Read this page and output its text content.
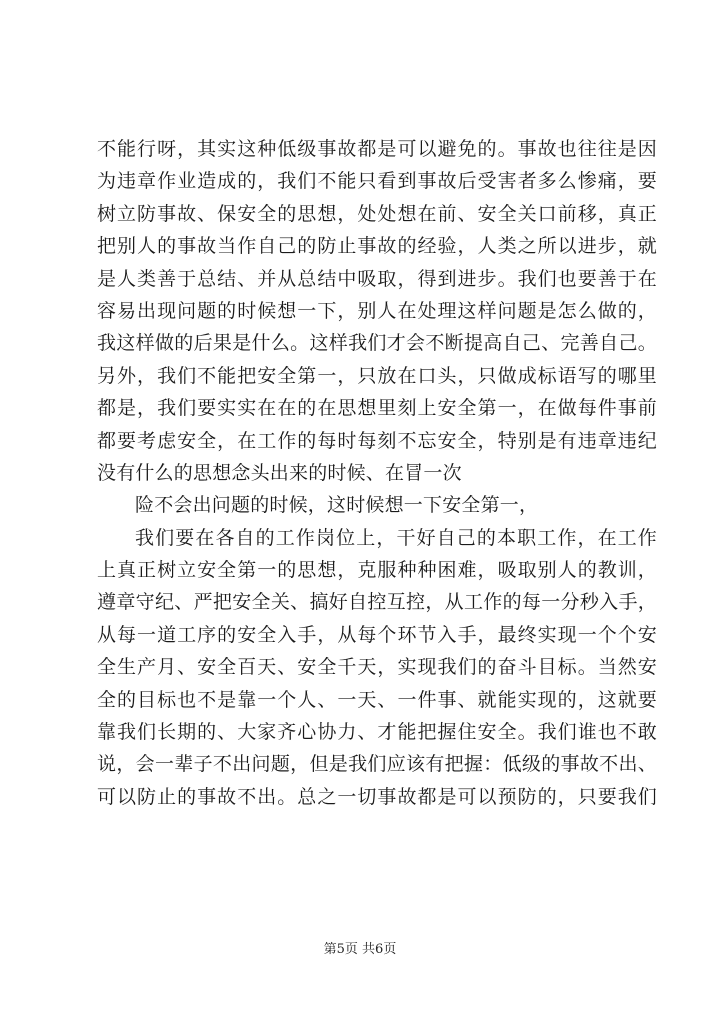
不能行呀，其实这种低级事故都是可以避免的。事故也往往是因
为违章作业造成的，我们不能只看到事故后受害者多么惨痛，要
树立防事故、保安全的思想，处处想在前、安全关口前移，真正
把别人的事故当作自己的防止事故的经验，人类之所以进步，就
是人类善于总结、并从总结中吸取，得到进步。我们也要善于在
容易出现问题的时候想一下，别人在处理这样问题是怎么做的，
我这样做的后果是什么。这样我们才会不断提高自己、完善自己。
另外，我们不能把安全第一，只放在口头，只做成标语写的哪里
都是，我们要实实在在的在思想里刻上安全第一，在做每件事前
都要考虑安全，在工作的每时每刻不忘安全，特别是有违章违纪
没有什么的思想念头出来的时候、在冒一次
险不会出问题的时候，这时候想一下安全第一，
我们要在各自的工作岗位上，干好自己的本职工作，在工作
上真正树立安全第一的思想，克服种种困难，吸取别人的教训，
遵章守纪、严把安全关、搞好自控互控，从工作的每一分秒入手，
从每一道工序的安全入手，从每个环节入手，最终实现一个个安
全生产月、安全百天、安全千天，实现我们的奋斗目标。当然安
全的目标也不是靠一个人、一天、一件事、就能实现的，这就要
靠我们长期的、大家齐心协力、才能把握住安全。我们谁也不敢
说，会一辈子不出问题，但是我们应该有把握：低级的事故不出、
可以防止的事故不出。总之一切事故都是可以预防的，只要我们
第5页 共6页
